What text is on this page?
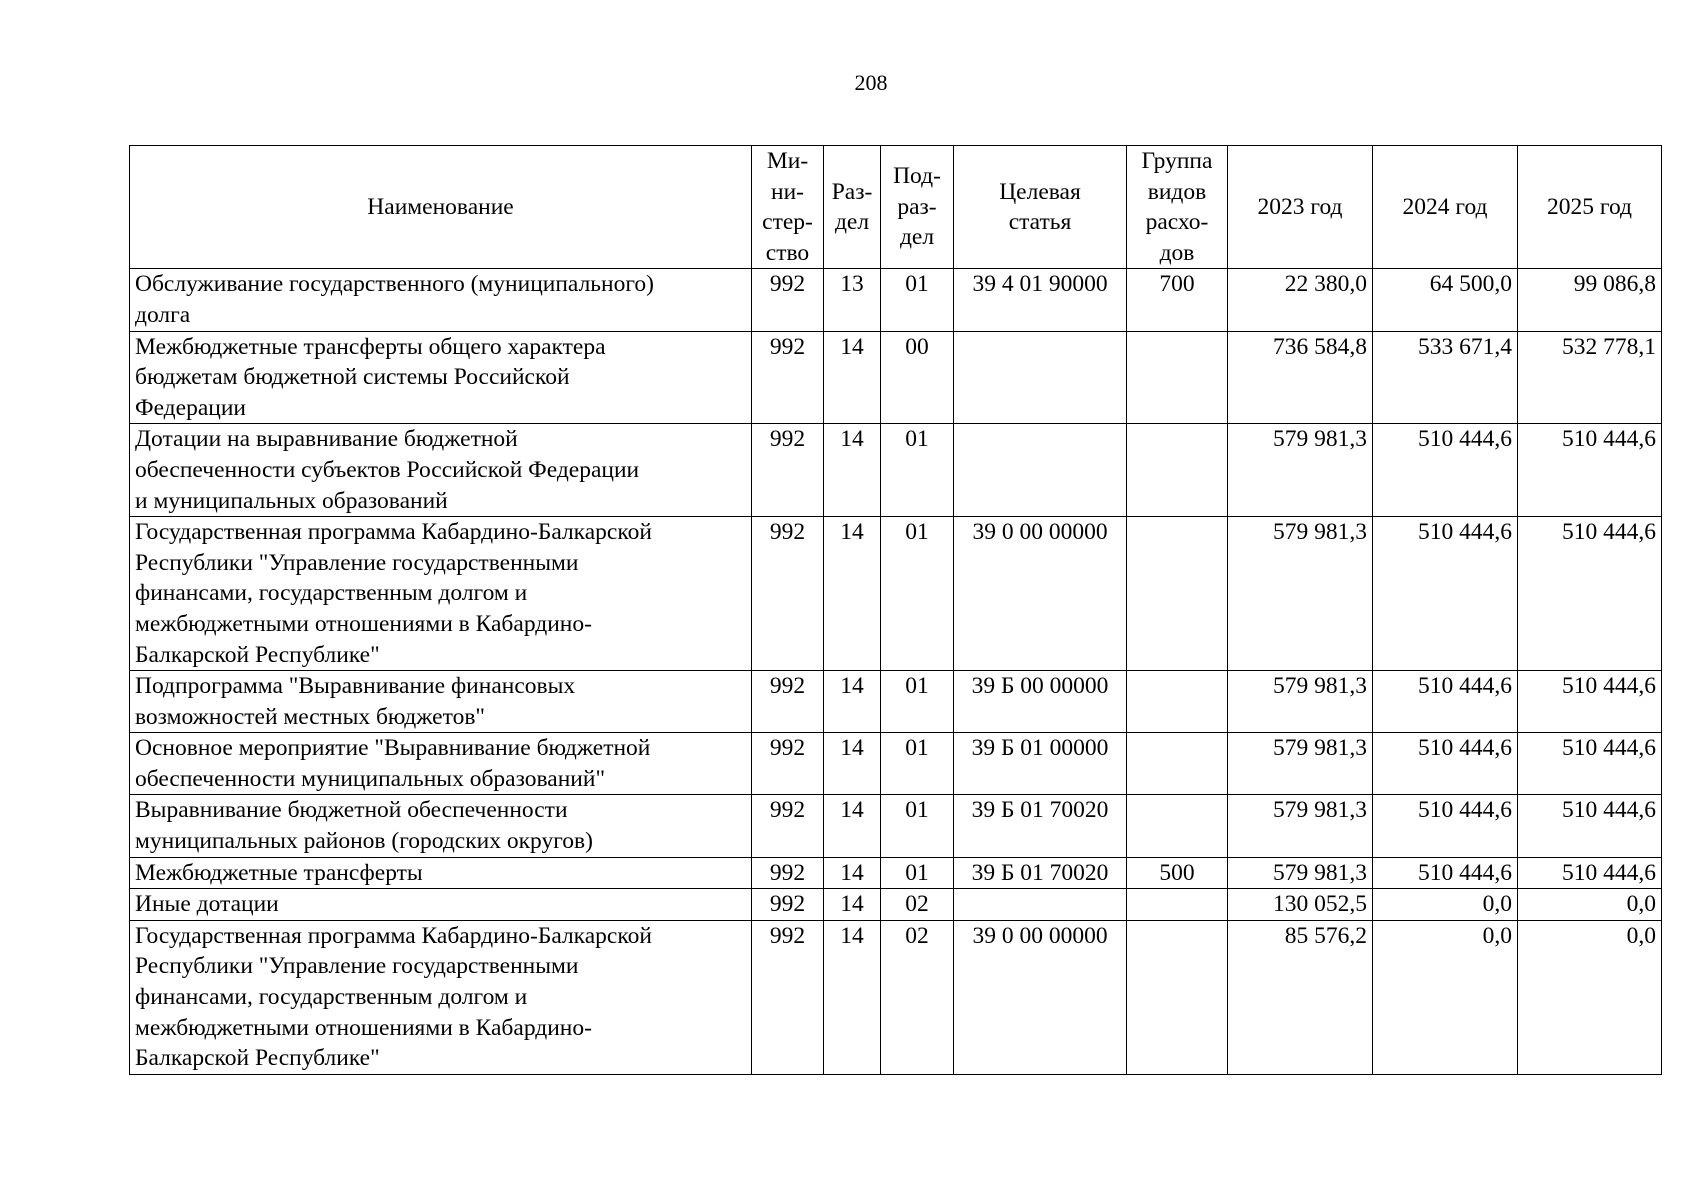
208
Наименование	Ми-
ни-
стер-
ство	Раз-
дел	Под-
раз-
дел	Целевая
статья	Группа
видов
расхо-
дов	2023 год	2024 год	2025 год
Обслуживание государственного (муниципального)
долга	992	13	01	39 4 01 90000	700	22 380,0	64 500,0	99 086,8
Межбюджетные трансферты общего характера
бюджетам бюджетной системы Российской
Федерации	992	14	00			736 584,8	533 671,4	532 778,1
Дотации на выравнивание бюджетной
обеспеченности субъектов Российской Федерации
и муниципальных образований	992	14	01			579 981,3	510 444,6	510 444,6
Государственная программа Кабардино-Балкарской
Республики "Управление государственными
финансами, государственным долгом и
межбюджетными отношениями в Кабардино-
Балкарской Республике"	992	14	01	39 0 00 00000		579 981,3	510 444,6	510 444,6
Подпрограмма "Выравнивание финансовых
возможностей местных бюджетов"	992	14	01	39 Б 00 00000		579 981,3	510 444,6	510 444,6
Основное мероприятие "Выравнивание бюджетной
обеспеченности муниципальных образований"	992	14	01	39 Б 01 00000		579 981,3	510 444,6	510 444,6
Выравнивание бюджетной обеспеченности
муниципальных районов (городских округов)	992	14	01	39 Б 01 70020		579 981,3	510 444,6	510 444,6
Межбюджетные трансферты	992	14	01	39 Б 01 70020	500	579 981,3	510 444,6	510 444,6
Иные дотации	992	14	02			130 052,5	0,0	0,0
Государственная программа Кабардино-Балкарской
Республики "Управление государственными
финансами, государственным долгом и
межбюджетными отношениями в Кабардино-
Балкарской Республике"	992	14	02	39 0 00 00000		85 576,2	0,0	0,0
